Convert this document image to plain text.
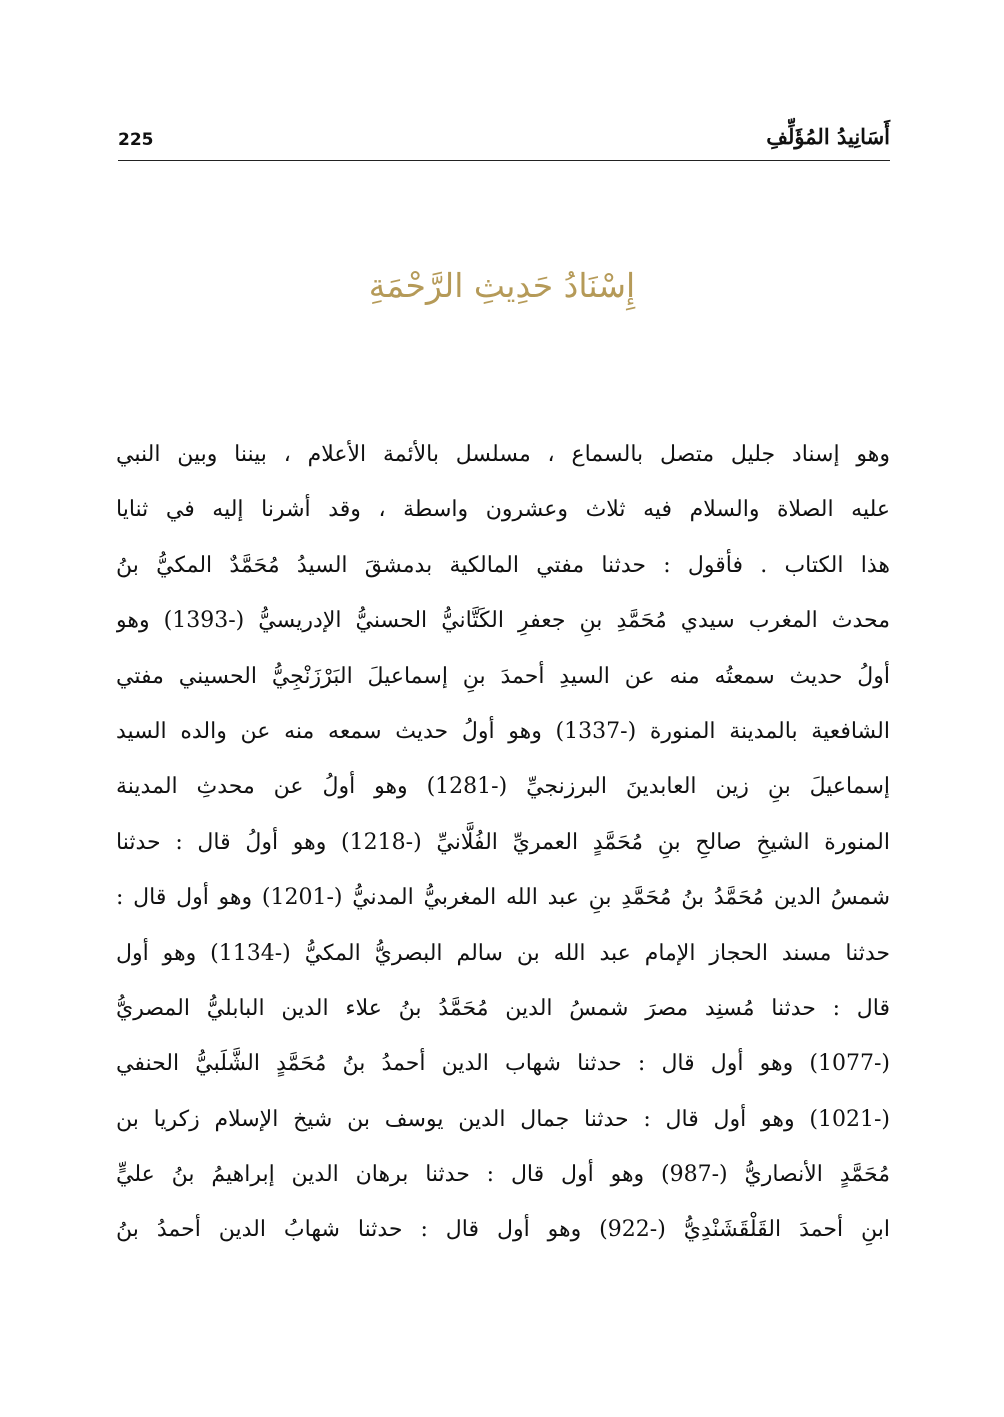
أَسَانِيدُ المُؤَلِّفِ
225
إِسْنَادُ حَدِيثِ الرَّحْمَةِ
وهو إسناد جليل متصل بالسماع ، مسلسل بالأئمة الأعلام ، بيننا وبين النبي
عليه الصلاة والسلام فيه ثلاث وعشرون واسطة ، وقد أشرنا إليه في ثنايا
هذا الكتاب . فأقول : حدثنا مفتي المالكية بدمشقَ السيدُ مُحَمَّدٌ المكيُّ بنُ
محدث المغرب سيدي مُحَمَّدِ بنِ جعفرِ الكَتَّانيُّ الحسنيُّ الإدريسيُّ (-1393) وهو
أولُ حديث سمعتُه منه عن السيدِ أحمدَ بنِ إسماعيلَ البَرْزَنْجِيُّ الحسيني مفتي
الشافعية بالمدينة المنورة (-1337) وهو أولُ حديث سمعه منه عن والده السيد
إسماعيلَ بنِ زين العابدينَ البرزنجيِّ (-1281) وهو أولُ عن محدثِ المدينة
المنورة الشيخِ صالحِ بنِ مُحَمَّدٍ العمريِّ الفُلَّانيِّ (-1218) وهو أولُ قال : حدثنا
شمسُ الدين مُحَمَّدُ بنُ مُحَمَّدِ بنِ عبد الله المغربيُّ المدنيُّ (-1201) وهو أول قال :
حدثنا مسند الحجاز الإمام عبد الله بن سالم البصريُّ المكيُّ (-1134) وهو أول
قال : حدثنا مُسنِد مصرَ شمسُ الدين مُحَمَّدُ بنُ علاء الدين البابليُّ المصريُّ
(-1077) وهو أول قال : حدثنا شهاب الدين أحمدُ بنُ مُحَمَّدٍ الشَّلَبيُّ الحنفي
(-1021) وهو أول قال : حدثنا جمال الدين يوسف بن شيخ الإسلام زكريا بن
مُحَمَّدٍ الأنصاريُّ (-987) وهو أول قال : حدثنا برهان الدين إبراهيمُ بنُ عليٍّ
ابنِ أحمدَ القَلْقَشَنْدِيُّ (-922) وهو أول قال : حدثنا شهابُ الدين أحمدُ بنُ
